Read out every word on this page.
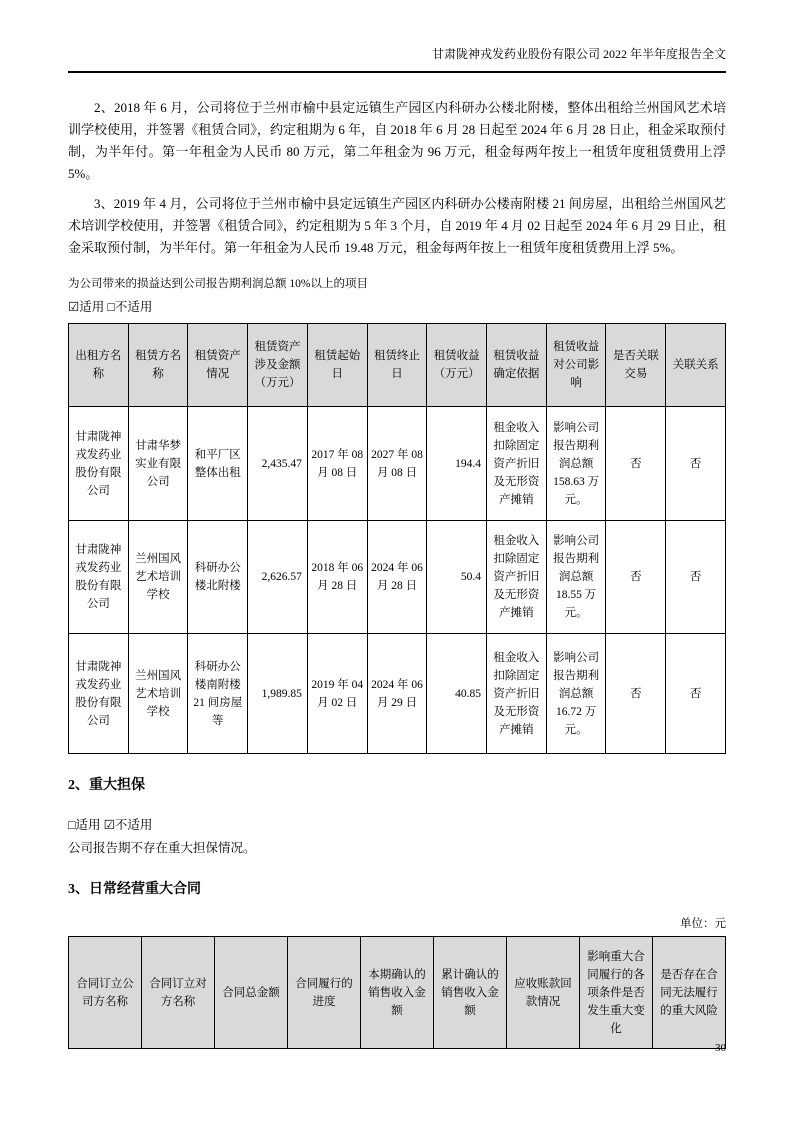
甘肃陇神戎发药业股份有限公司 2022 年半年度报告全文

2、2018 年 6 月，公司将位于兰州市榆中县定远镇生产园区内科研办公楼北附楼，整体出租给兰州国风艺术培训学校使用，并签署《租赁合同》，约定租期为 6 年，自 2018 年 6 月 28 日起至 2024 年 6 月 28 日止，租金采取预付制，为半年付。第一年租金为人民币 80 万元，第二年租金为 96 万元，租金每两年按上一租赁年度租赁费用上浮 5%。

3、2019 年 4 月，公司将位于兰州市榆中县定远镇生产园区内科研办公楼南附楼 21 间房屋，出租给兰州国风艺术培训学校使用，并签署《租赁合同》，约定租期为 5 年 3 个月，自 2019 年 4 月 02 日起至 2024 年 6 月 29 日止，租金采取预付制，为半年付。第一年租金为人民币 19.48 万元，租金每两年按上一租赁年度租赁费用上浮 5%。

为公司带来的损益达到公司报告期利润总额 10%以上的项目
☑适用 □不适用
出租方名称	租赁方名称	租赁资产情况	租赁资产涉及金额（万元）	租赁起始日	租赁终止日	租赁收益（万元）	租赁收益确定依据	租赁收益对公司影响	是否关联交易	关联关系
甘肃陇神戎发药业股份有限公司	甘肃华梦实业有限公司	和平厂区整体出租	2,435.47	2017 年 08 月 08 日	2027 年 08 月 08 日	194.4	租金收入扣除固定资产折旧及无形资产摊销	影响公司报告期利润总额 158.63 万元。	否	否
甘肃陇神戎发药业股份有限公司	兰州国风艺术培训学校	科研办公楼北附楼	2,626.57	2018 年 06 月 28 日	2024 年 06 月 28 日	50.4	租金收入扣除固定资产折旧及无形资产摊销	影响公司报告期利润总额 18.55 万元。	否	否
甘肃陇神戎发药业股份有限公司	兰州国风艺术培训学校	科研办公楼南附楼 21 间房屋等	1,989.85	2019 年 04 月 02 日	2024 年 06 月 29 日	40.85	租金收入扣除固定资产折旧及无形资产摊销	影响公司报告期利润总额 16.72 万元。	否	否
2、重大担保
□适用 ☑不适用
公司报告期不存在重大担保情况。
3、日常经营重大合同
单位：元
合同订立公司方名称	合同订立对方名称	合同总金额	合同履行的进度	本期确认的销售收入金额	累计确认的销售收入金额	应收账款回款情况	影响重大合同履行的各项条件是否发生重大变化	是否存在合同无法履行的重大风险
30
